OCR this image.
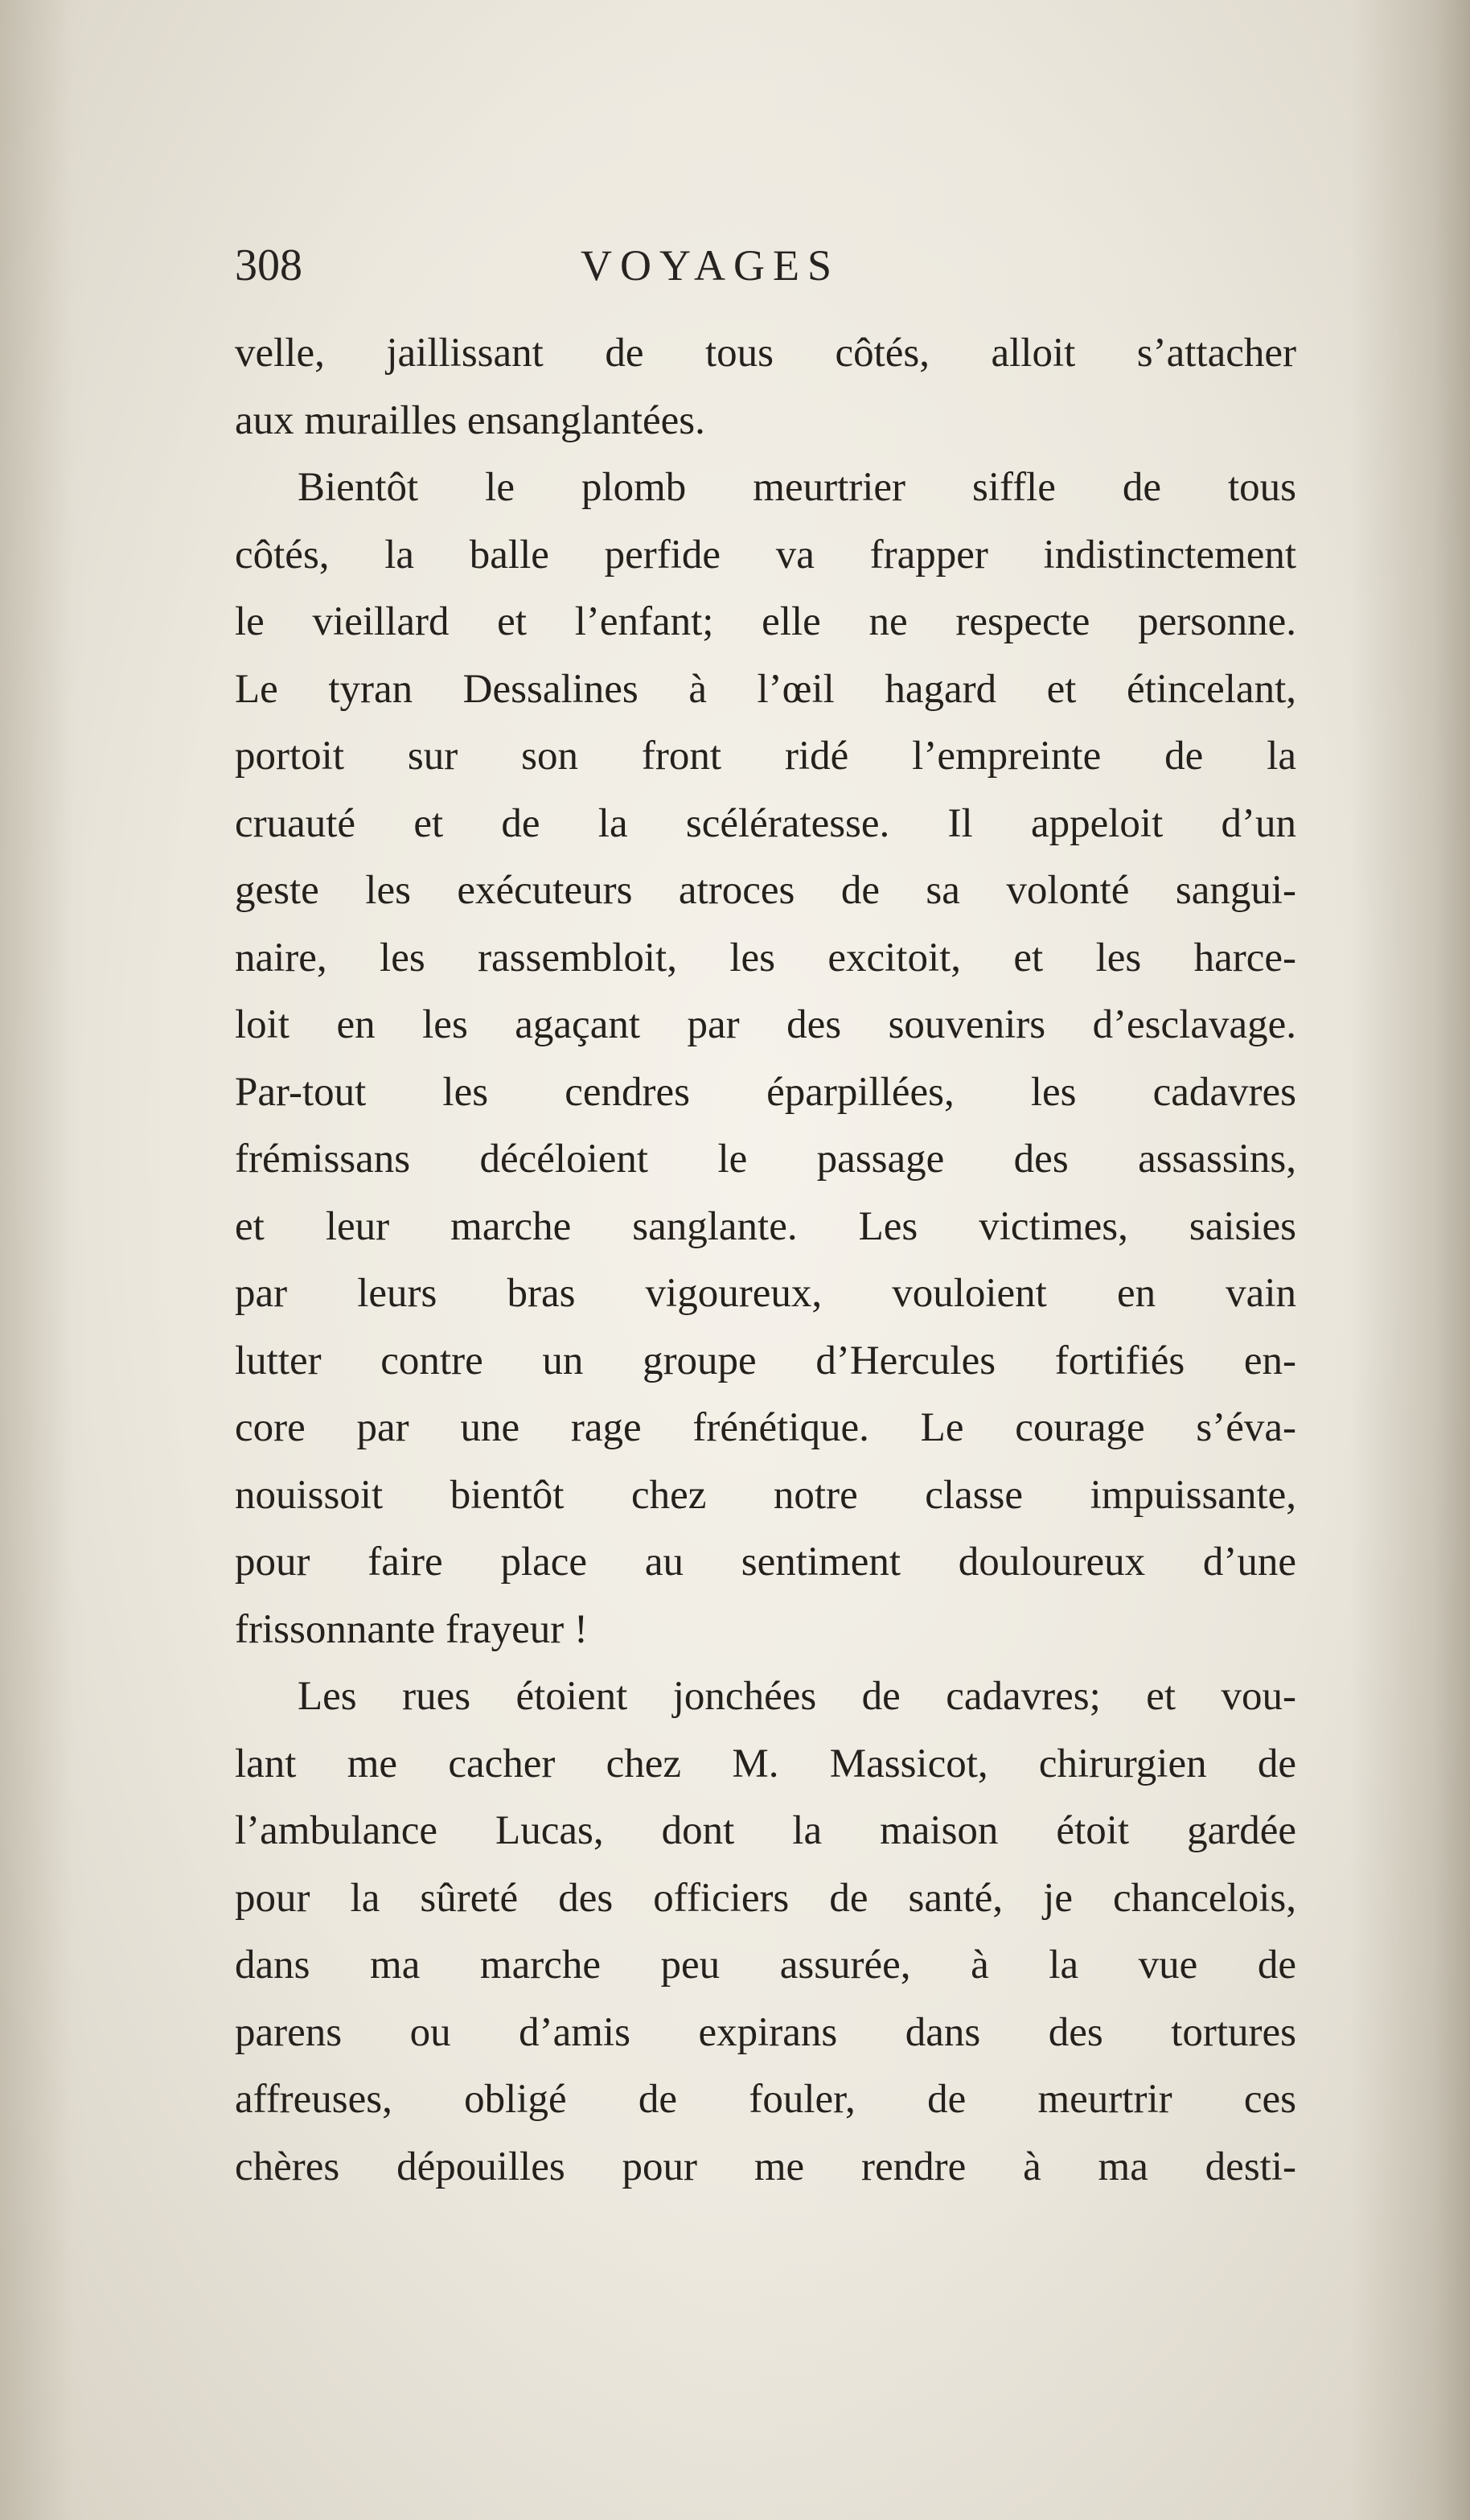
308	VOYAGES
velle, jaillissant de tous côtés, alloit s’attacher
aux murailles ensanglantées.
Bientôt le plomb meurtrier siffle de tous
côtés, la balle perfide va frapper indistinctement
le vieillard et l’enfant; elle ne respecte personne.
Le tyran Dessalines à l’œil hagard et étincelant,
portoit sur son front ridé l’empreinte de la
cruauté et de la scélératesse. Il appeloit d’un
geste les exécuteurs atroces de sa volonté sangui-
naire, les rassembloit, les excitoit, et les harce-
loit en les agaçant par des souvenirs d’esclavage.
Par-tout les cendres éparpillées, les cadavres
frémissans décéloient le passage des assassins,
et leur marche sanglante. Les victimes, saisies
par leurs bras vigoureux, vouloient en vain
lutter contre un groupe d’Hercules fortifiés en-
core par une rage frénétique. Le courage s’éva-
nouissoit bientôt chez notre classe impuissante,
pour faire place au sentiment douloureux d’une
frissonnante frayeur !
Les rues étoient jonchées de cadavres; et vou-
lant me cacher chez M. Massicot, chirurgien de
l’ambulance Lucas, dont la maison étoit gardée
pour la sûreté des officiers de santé, je chancelois,
dans ma marche peu assurée, à la vue de
parens ou d’amis expirans dans des tortures
affreuses, obligé de fouler, de meurtrir ces
chères dépouilles pour me rendre à ma desti-
